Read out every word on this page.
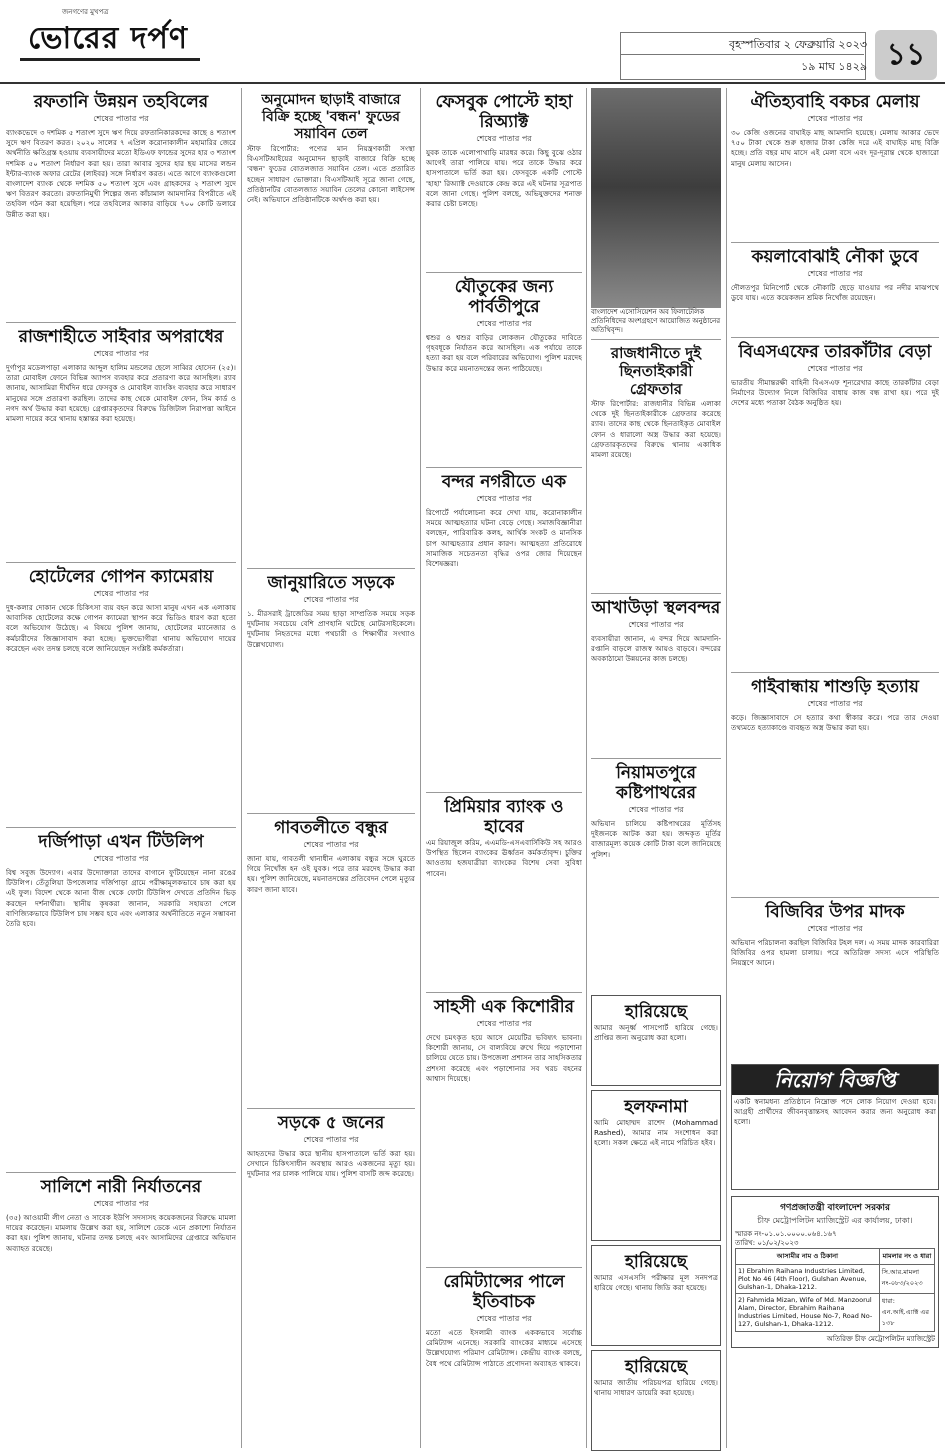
জনগণের মুখপত্র
ভোরের দর্পণ	বৃহস্পতিবার ২ ফেব্রুয়ারি ২০২৩
১৯ মাঘ ১৪২৯ ১১
রফতানি উন্নয়ন তহবিলের
শেষের পাতার পর
ব্যাংকভেদে ৩ দশমিক ৫ শতাংশ সুদে ঋণ দিয়ে রফতানিকারকদের কাছে ৪ শতাংশ সুদে ঋণ বিতরণ করত। ২০২০ সালের ৭ এপ্রিল করোনাকালীন মহামারির জেরে অর্থনীতি ক্ষতিগ্রস্ত হওয়ায় ব্যবসায়ীদের মতো ইডিএফ ফান্ডের সুদের হার ৩ শতাংশ দশমিক ৫০ শতাংশ নির্ধারণ করা হয়। তারা আবার সুদের হার ছয় মাসের লন্ডন ইন্টার-ব্যাংক অফার রেটের (লাইবর) সঙ্গে নির্ধারণ করত। এতে আগে ব্যাংকগুলো বাংলাদেশ ব্যাংক থেকে দশমিক ৫০ শতাংশ সুদে এবং গ্রাহকদের ২ শতাংশ সুদে ঋণ বিতরণ করতো। রফতানিমুখী শিল্পের জন্য কাঁচামাল আমদানির বিপরীতে এই তহবিল গঠন করা হয়েছিল। পরে তহবিলের আকার বাড়িয়ে ৭০০ কোটি ডলারে উন্নীত করা হয়।
রাজশাহীতে সাইবার অপরাধের
শেষের পাতার পর
দুর্গাপুর মডেলপাড়া এলাকার আব্দুল হালিম মন্ডলের ছেলে সাব্বির হোসেন (২৫)। তারা মোবাইল ফোনে বিভিন্ন অ্যাপস ব্যবহার করে প্রতারণা করে আসছিল। র‌্যাব জানায়, আসামিরা দীর্ঘদিন ধরে ফেসবুক ও মোবাইল ব্যাংকিং ব্যবহার করে সাধারণ মানুষের সঙ্গে প্রতারণা করছিল। তাদের কাছ থেকে মোবাইল ফোন, সিম কার্ড ও নগদ অর্থ উদ্ধার করা হয়েছে। গ্রেপ্তারকৃতদের বিরুদ্ধে ডিজিটাল নিরাপত্তা আইনে মামলা দায়ের করে থানায় হস্তান্তর করা হয়েছে।
হোটেলের গোপন ক্যামেরায়
শেষের পাতার পর
দুধ-কলার দোকান থেকে চিকিৎসা ব্যয় বহন করে আসা মানুষ এখন এক এলাকায় আবাসিক হোটেলের কক্ষে গোপন ক্যামেরা স্থাপন করে ভিডিও ধারণ করা হতো বলে অভিযোগ উঠেছে। এ বিষয়ে পুলিশ জানায়, হোটেলের ম্যানেজার ও কর্মচারীদের জিজ্ঞাসাবাদ করা হচ্ছে। ভুক্তভোগীরা থানায় অভিযোগ দায়ের করেছেন এবং তদন্ত চলছে বলে জানিয়েছেন সংশ্লিষ্ট কর্মকর্তারা।
দর্জিপাড়া এখন টিউলিপ
শেষের পাতার পর
বিশ্ব সবুজ উদ্যোগ। এবার উদ্যোক্তারা তাদের বাগানে ফুটিয়েছেন নানা রঙের টিউলিপ। তেঁতুলিয়া উপজেলার দর্জিপাড়া গ্রামে পরীক্ষামূলকভাবে চাষ করা হয় এই ফুল। বিদেশ থেকে আনা বীজ থেকে ফোটা টিউলিপ দেখতে প্রতিদিন ভিড় করছেন দর্শনার্থীরা। স্থানীয় কৃষকরা জানান, সরকারি সহায়তা পেলে বাণিজ্যিকভাবে টিউলিপ চাষ সম্ভব হবে এবং এলাকার অর্থনীতিতে নতুন সম্ভাবনা তৈরি হবে।
সালিশে নারী নির্যাতনের
শেষের পাতার পর
(৩৫) আওয়ামী লীগ নেতা ও সাবেক ইউপি সদস্যসহ কয়েকজনের বিরুদ্ধে মামলা দায়ের করেছেন। মামলায় উল্লেখ করা হয়, সালিশে ডেকে এনে প্রকাশ্যে নির্যাতন করা হয়। পুলিশ জানায়, ঘটনার তদন্ত চলছে এবং আসামিদের গ্রেপ্তারে অভিযান অব্যাহত রয়েছে।
অনুমোদন ছাড়াই বাজারে বিক্রি হচ্ছে 'বন্ধন' ফুডের সয়াবিন তেল
স্টাফ রিপোর্টার: পণ্যের মান নিয়ন্ত্রণকারী সংস্থা বিএসটিআইয়ের অনুমোদন ছাড়াই বাজারে বিক্রি হচ্ছে 'বন্ধন' ফুডের বোতলজাত সয়াবিন তেল। এতে প্রতারিত হচ্ছেন সাধারণ ভোক্তারা। বিএসটিআই সূত্রে জানা গেছে, প্রতিষ্ঠানটির বোতলজাত সয়াবিন তেলের কোনো লাইসেন্স নেই। অভিযানে প্রতিষ্ঠানটিকে অর্থদণ্ড করা হয়।
জানুয়ারিতে সড়কে
শেষের পাতার পর
১. মীরসরাই ট্রাজেডির সময় ছাড়া সাম্প্রতিক সময়ে সড়ক দুর্ঘটনায় সবচেয়ে বেশি প্রাণহানি ঘটেছে মোটরসাইকেলে। দুর্ঘটনায় নিহতদের মধ্যে পথচারী ও শিক্ষার্থীর সংখ্যাও উল্লেখযোগ্য।
গাবতলীতে বন্ধুর
শেষের পাতার পর
জানা যায়, গাবতলী থানাধীন এলাকায় বন্ধুর সঙ্গে ঘুরতে গিয়ে নিখোঁজ হন ওই যুবক। পরে তার মরদেহ উদ্ধার করা হয়। পুলিশ জানিয়েছে, ময়নাতদন্তের প্রতিবেদন পেলে মৃত্যুর কারণ জানা যাবে।
সড়কে ৫ জনের
শেষের পাতার পর
আহতদের উদ্ধার করে স্থানীয় হাসপাতালে ভর্তি করা হয়। সেখানে চিকিৎসাধীন অবস্থায় আরও একজনের মৃত্যু হয়। দুর্ঘটনার পর চালক পালিয়ে যায়। পুলিশ বাসটি জব্দ করেছে।
ফেসবুক পোস্টে হাহা রিঅ্যাক্ট
শেষের পাতার পর
যুবক তাকে এলোপাথাড়ি মারধর করে। কিছু বুঝে ওঠার আগেই তারা পালিয়ে যায়। পরে তাকে উদ্ধার করে হাসপাতালে ভর্তি করা হয়। ফেসবুকে একটি পোস্টে 'হাহা' রিঅ্যাক্ট দেওয়াকে কেন্দ্র করে এই ঘটনার সূত্রপাত বলে জানা গেছে। পুলিশ বলছে, অভিযুক্তদের শনাক্ত করার চেষ্টা চলছে।
যৌতুকের জন্য পার্বতীপুরে
শেষের পাতার পর
শ্বশুর ও শ্বশুর বাড়ির লোকজন যৌতুকের দাবিতে গৃহবধূকে নির্যাতন করে আসছিল। এক পর্যায়ে তাকে হত্যা করা হয় বলে পরিবারের অভিযোগ। পুলিশ মরদেহ উদ্ধার করে ময়নাতদন্তের জন্য পাঠিয়েছে।
বন্দর নগরীতে এক
শেষের পাতার পর
রিপোর্টে পর্যালোচনা করে দেখা যায়, করোনাকালীন সময়ে আত্মহত্যার ঘটনা বেড়ে গেছে। সমাজবিজ্ঞানীরা বলছেন, পারিবারিক কলহ, আর্থিক সংকট ও মানসিক চাপ আত্মহত্যার প্রধান কারণ। আত্মহত্যা প্রতিরোধে সামাজিক সচেতনতা বৃদ্ধির ওপর জোর দিয়েছেন বিশেষজ্ঞরা।
প্রিমিয়ার ব্যাংক ও হাবের
এম রিয়াজুল করিম, এএমডি-এসএবার্সিকিউ সহ আরও উপস্থিত ছিলেন ব্যাংকের ঊর্ধ্বতন কর্মকর্তাবৃন্দ। চুক্তির আওতায় হজযাত্রীরা ব্যাংকের বিশেষ সেবা সুবিধা পাবেন।
সাহসী এক কিশোরীর
শেষের পাতার পর
দেখে চমৎকৃত হয়ে আসে মেয়েটির ভবিষ্যৎ ভাবনা। কিশোরী জানায়, সে বাল্যবিয়ে রুখে দিয়ে পড়াশোনা চালিয়ে যেতে চায়। উপজেলা প্রশাসন তার সাহসিকতার প্রশংসা করেছে এবং পড়াশোনার সব খরচ বহনের আশ্বাস দিয়েছে।
রেমিট্যান্সের পালে ইতিবাচক
শেষের পাতার পর
মতো এতে ইসলামী ব্যাংক এককভাবে সর্বোচ্চ রেমিট্যান্স এনেছে। সরকারি ব্যাংকের মাধ্যমে এসেছে উল্লেখযোগ্য পরিমাণ রেমিট্যান্স। কেন্দ্রীয় ব্যাংক বলছে, বৈধ পথে রেমিট্যান্স পাঠাতে প্রণোদনা অব্যাহত থাকবে।
বাংলাদেশ এসোসিয়েশন অব ফিলাটেলিক প্রতিনিধিদের অংশগ্রহণে আয়োজিত অনুষ্ঠানের অতিথিবৃন্দ।
রাজধানীতে দুই ছিনতাইকারী গ্রেফতার
স্টাফ রিপোর্টার: রাজধানীর বিভিন্ন এলাকা থেকে দুই ছিনতাইকারীকে গ্রেফতার করেছে র‌্যাব। তাদের কাছ থেকে ছিনতাইকৃত মোবাইল ফোন ও ধারালো অস্ত্র উদ্ধার করা হয়েছে। গ্রেফতারকৃতদের বিরুদ্ধে থানায় একাধিক মামলা রয়েছে।
আখাউড়া স্থলবন্দর
শেষের পাতার পর
ব্যবসায়ীরা জানান, এ বন্দর দিয়ে আমদানি-রপ্তানি বাড়লে রাজস্ব আয়ও বাড়বে। বন্দরের অবকাঠামো উন্নয়নের কাজ চলছে।
নিয়ামতপুরে কষ্টিপাথরের
শেষের পাতার পর
অভিযান চালিয়ে কষ্টিপাথরের মূর্তিসহ দুইজনকে আটক করা হয়। জব্দকৃত মূর্তির বাজারমূল্য কয়েক কোটি টাকা বলে জানিয়েছে পুলিশ।
হারিয়েছে
আমার অনূর্ধ্ব পাসপোর্ট হারিয়ে গেছে। প্রাপ্তির জন্য অনুরোধ করা হলো।
হলফনামা
আমি মোহাম্মদ রাশেদ (Mohammad Rashed), আমার নাম সংশোধন করা হলো। সকল ক্ষেত্রে এই নামে পরিচিত হইব।
হারিয়েছে
আমার এসএসসি পরীক্ষার মূল সনদপত্র হারিয়ে গেছে। থানায় জিডি করা হয়েছে।
হারিয়েছে
আমার জাতীয় পরিচয়পত্র হারিয়ে গেছে। থানায় সাধারণ ডায়েরি করা হয়েছে।
ঐতিহ্যবাহি বকচর মেলায়
শেষের পাতার পর
৩০ কেজি ওজনের বাঘাইড় মাছ আমদানি হয়েছে। মেলায় আকার ভেদে ৭৫০ টাকা থেকে শুরু হাজার টাকা কেজি দরে এই বাঘাইড় মাছ বিক্রি হচ্ছে। প্রতি বছর মাঘ মাসে এই মেলা বসে এবং দূর-দূরান্ত থেকে হাজারো মানুষ মেলায় আসেন।
কয়লাবোঝাই নৌকা ডুবে
শেষের পাতার পর
দৌলতপুর মিনিপোর্ট থেকে নৌকাটি ছেড়ে যাওয়ার পর নদীর মাঝপথে ডুবে যায়। এতে কয়েকজন শ্রমিক নিখোঁজ রয়েছেন।
বিএসএফের তারকাঁটার বেড়া
শেষের পাতার পর
ভারতীয় সীমান্তরক্ষী বাহিনী বিএসএফ শূন্যরেখার কাছে তারকাঁটার বেড়া নির্মাণের উদ্যোগ নিলে বিজিবির বাধায় কাজ বন্ধ রাখা হয়। পরে দুই দেশের মধ্যে পতাকা বৈঠক অনুষ্ঠিত হয়।
গাইবান্ধায় শাশুড়ি হত্যায়
শেষের পাতার পর
কড়ে। জিজ্ঞাসাবাদে সে হত্যার কথা স্বীকার করে। পরে তার দেওয়া তথ্যমতে হত্যাকাণ্ডে ব্যবহৃত অস্ত্র উদ্ধার করা হয়।
বিজিবির উপর মাদক
শেষের পাতার পর
অভিযান পরিচালনা করছিল বিজিবির টহল দল। এ সময় মাদক কারবারিরা বিজিবির ওপর হামলা চালায়। পরে অতিরিক্ত সদস্য এসে পরিস্থিতি নিয়ন্ত্রণে আনে।
নিয়োগ বিজ্ঞপ্তি
একটি স্বনামধন্য প্রতিষ্ঠানে নিম্নোক্ত পদে লোক নিয়োগ দেওয়া হবে। আগ্রহী প্রার্থীদের জীবনবৃত্তান্তসহ আবেদন করার জন্য অনুরোধ করা হলো।
গণপ্রজাতন্ত্রী বাংলাদেশ সরকার
চীফ মেট্রোপলিটন ম্যাজিস্ট্রেট এর কার্যালয়, ঢাকা।
স্মারক নং-০১.০১.০০০০.০৬৪.১৬৭
তারিখ: ০১/০২/২০২৩
আসামীর নাম ও ঠিকানা	মামলার নং ও ধারা
1) Ebrahim Raihana Industries Limited, Plot No 46 (4th Floor), Gulshan Avenue, Gulshan-1, Dhaka-1212.	সি.আর.মামলা নং-০৮৩/২০২৩
2) Fahmida Mizan, Wife of Md. Manzoorul Alam, Director, Ebrahim Raihana Industries Limited, House No-7, Road No-127, Gulshan-1, Dhaka-1212.	ধারা: এন.আই.এ্যাক্ট এর ১৩৮
অতিরিক্ত চীফ মেট্রোপলিটন ম্যাজিস্ট্রেট
